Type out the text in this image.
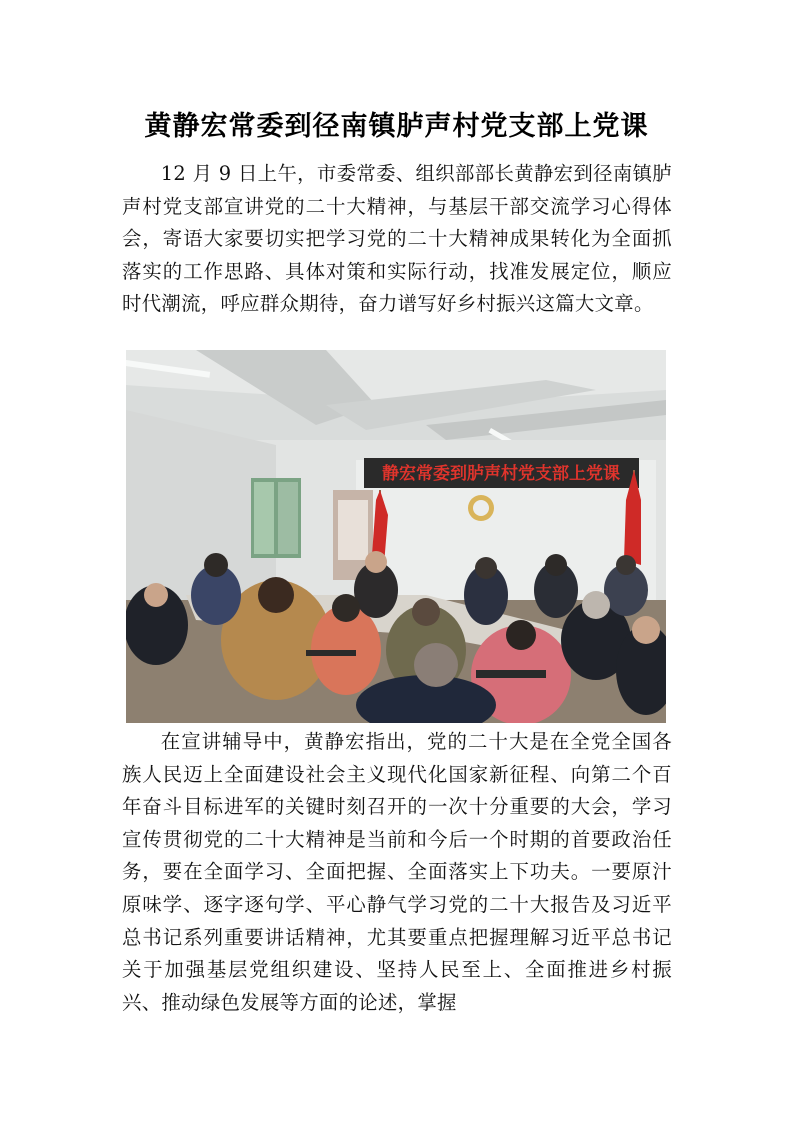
黄静宏常委到径南镇胪声村党支部上党课

12 月 9 日上午，市委常委、组织部部长黄静宏到径南镇胪声村党支部宣讲党的二十大精神，与基层干部交流学习心得体会，寄语大家要切实把学习党的二十大精神成果转化为全面抓落实的工作思路、具体对策和实际行动，找准发展定位，顺应时代潮流，呼应群众期待，奋力谱写好乡村振兴这篇大文章。

静宏常委到胪声村党支部上党课

在宣讲辅导中，黄静宏指出，党的二十大是在全党全国各族人民迈上全面建设社会主义现代化国家新征程、向第二个百年奋斗目标进军的关键时刻召开的一次十分重要的大会，学习宣传贯彻党的二十大精神是当前和今后一个时期的首要政治任务，要在全面学习、全面把握、全面落实上下功夫。一要原汁原味学、逐字逐句学、平心静气学习党的二十大报告及习近平总书记系列重要讲话精神，尤其要重点把握理解习近平总书记关于加强基层党组织建设、坚持人民至上、全面推进乡村振兴、推动绿色发展等方面的论述，掌握
